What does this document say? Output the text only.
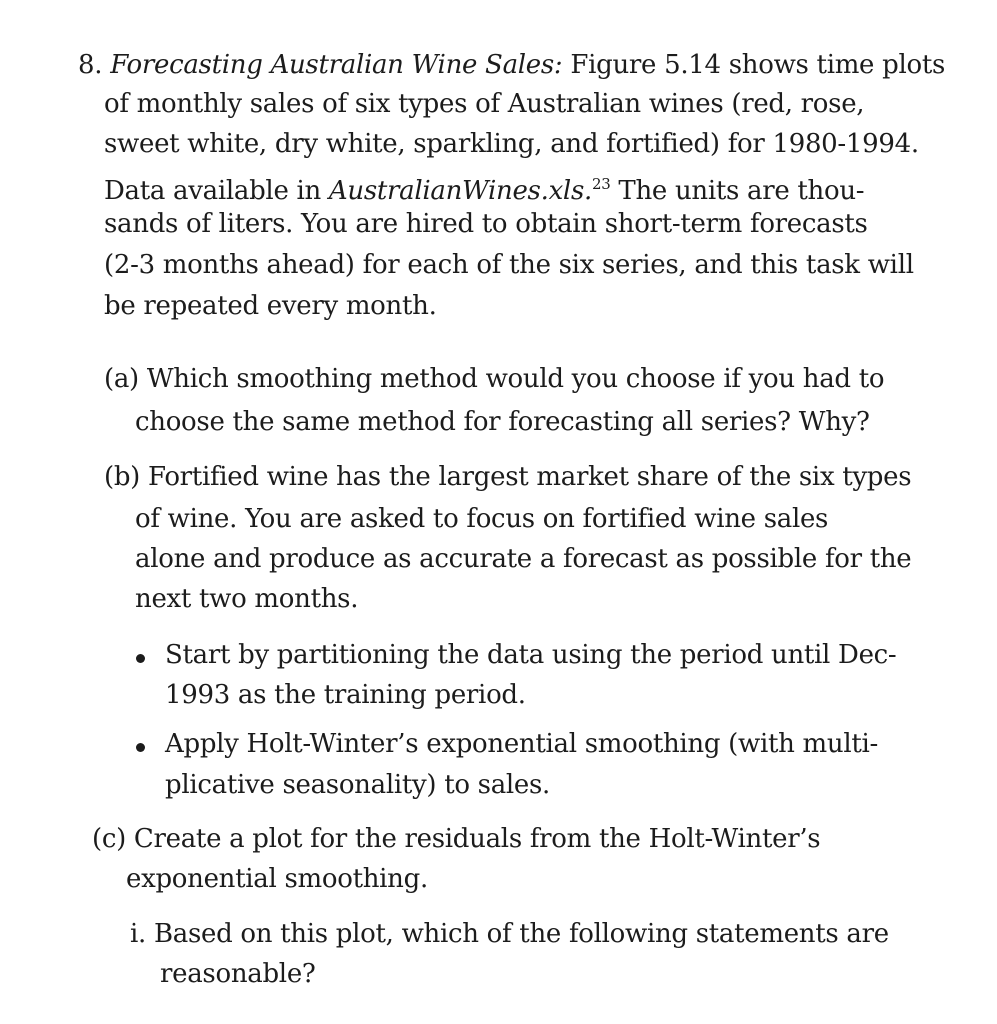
8. Forecasting Australian Wine Sales: Figure 5.14 shows time plots
of monthly sales of six types of Australian wines (red, rose,
sweet white, dry white, sparkling, and fortified) for 1980-1994.
Data available in AustralianWines.xls.$^{23}$ The units are thou-
sands of liters. You are hired to obtain short-term forecasts
(2-3 months ahead) for each of the six series, and this task will
be repeated every month.
(a) Which smoothing method would you choose if you had to
choose the same method for forecasting all series? Why?
(b) Fortified wine has the largest market share of the six types
of wine. You are asked to focus on fortified wine sales
alone and produce as accurate a forecast as possible for the
next two months.
Start by partitioning the data using the period until Dec-
1993 as the training period.
Apply Holt-Winter’s exponential smoothing (with multi-
plicative seasonality) to sales.
(c) Create a plot for the residuals from the Holt-Winter’s
exponential smoothing.
i. Based on this plot, which of the following statements are
reasonable?
